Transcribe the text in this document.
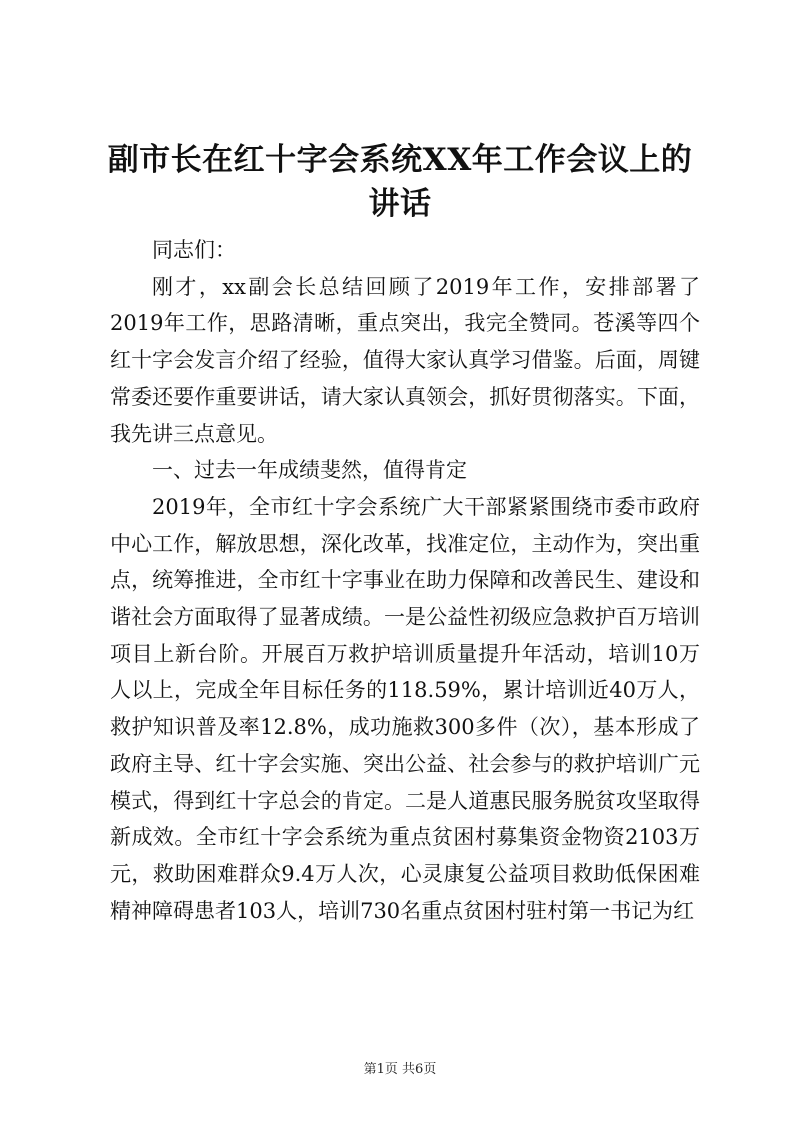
副市长在红十字会系统XX年工作会议上的讲话

同志们：

刚才，xx副会长总结回顾了2019年工作，安排部署了2019年工作，思路清晰，重点突出，我完全赞同。苍溪等四个红十字会发言介绍了经验，值得大家认真学习借鉴。后面，周键常委还要作重要讲话，请大家认真领会，抓好贯彻落实。下面，我先讲三点意见。

一、过去一年成绩斐然，值得肯定

2019年，全市红十字会系统广大干部紧紧围绕市委市政府中心工作，解放思想，深化改革，找准定位，主动作为，突出重点，统筹推进，全市红十字事业在助力保障和改善民生、建设和谐社会方面取得了显著成绩。一是公益性初级应急救护百万培训项目上新台阶。开展百万救护培训质量提升年活动，培训10万人以上，完成全年目标任务的118.59%，累计培训近40万人，救护知识普及率12.8%，成功施救300多件（次），基本形成了政府主导、红十字会实施、突出公益、社会参与的救护培训广元模式，得到红十字总会的肯定。二是人道惠民服务脱贫攻坚取得新成效。全市红十字会系统为重点贫困村募集资金物资2103万元，救助困难群众9.4万人次，心灵康复公益项目救助低保困难精神障碍患者103人，培训730名重点贫困村驻村第一书记为红

第1页 共6页
